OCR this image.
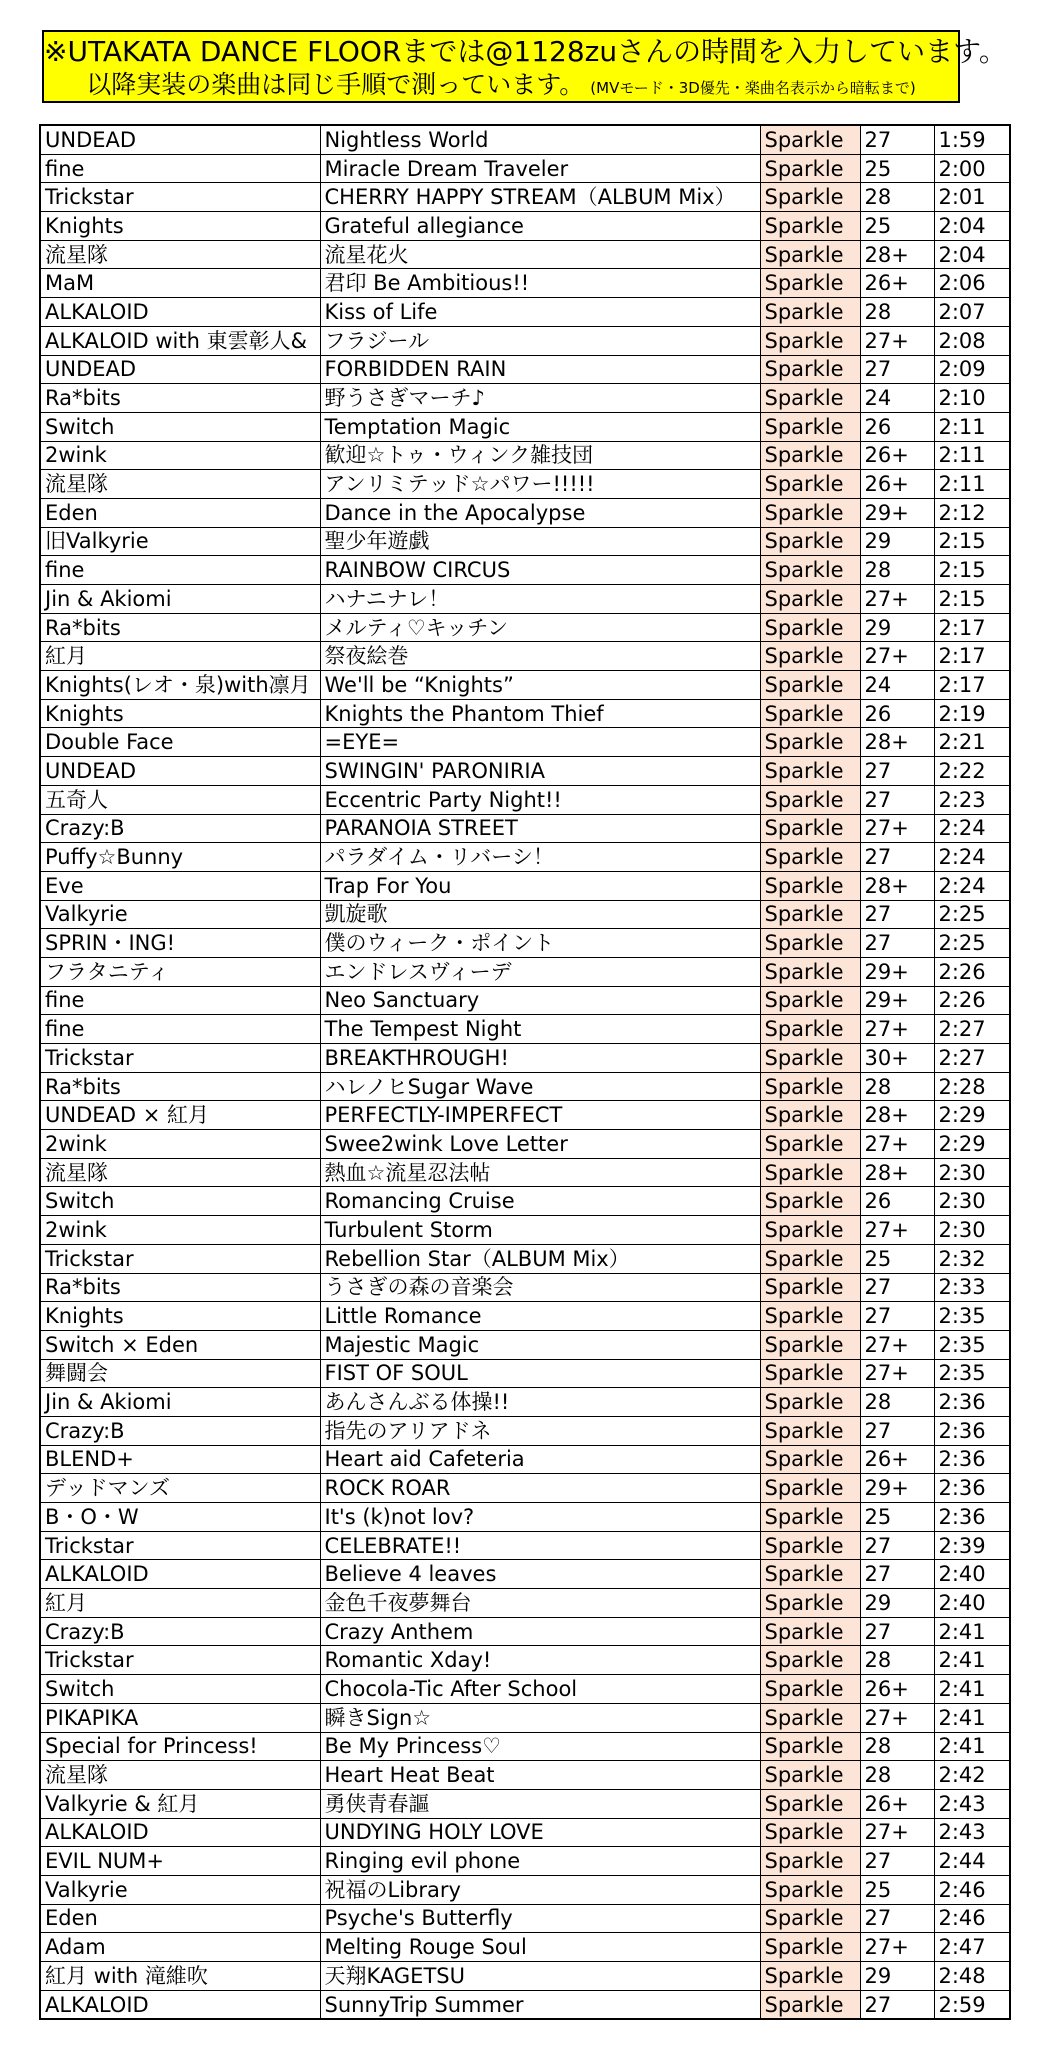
※UTAKATA DANCE FLOORまでは@1128zuさんの時間を入力しています。
以降実装の楽曲は同じ手順で測っています。 (MVモード・3D優先・楽曲名表示から暗転まで)
UNDEAD	Nightless World	Sparkle	27	1:59
fine	Miracle Dream Traveler	Sparkle	25	2:00
Trickstar	CHERRY HAPPY STREAM（ALBUM Mix）	Sparkle	28	2:01
Knights	Grateful allegiance	Sparkle	25	2:04
流星隊	流星花火	Sparkle	28+	2:04
MaM	君印 Be Ambitious!!	Sparkle	26+	2:06
ALKALOID	Kiss of Life	Sparkle	28	2:07
ALKALOID with 東雲彰人&	フラジール	Sparkle	27+	2:08
UNDEAD	FORBIDDEN RAIN	Sparkle	27	2:09
Ra*bits	野うさぎマーチ♪	Sparkle	24	2:10
Switch	Temptation Magic	Sparkle	26	2:11
2wink	歓迎☆トゥ・ウィンク雑技団	Sparkle	26+	2:11
流星隊	アンリミテッド☆パワー!!!!!	Sparkle	26+	2:11
Eden	Dance in the Apocalypse	Sparkle	29+	2:12
旧Valkyrie	聖少年遊戯	Sparkle	29	2:15
fine	RAINBOW CIRCUS	Sparkle	28	2:15
Jin & Akiomi	ハナニナレ！	Sparkle	27+	2:15
Ra*bits	メルティ♡キッチン	Sparkle	29	2:17
紅月	祭夜絵巻	Sparkle	27+	2:17
Knights(レオ・泉)with凛月	We'll be “Knights”	Sparkle	24	2:17
Knights	Knights the Phantom Thief	Sparkle	26	2:19
Double Face	=EYE=	Sparkle	28+	2:21
UNDEAD	SWINGIN' PARONIRIA	Sparkle	27	2:22
五奇人	Eccentric Party Night!!	Sparkle	27	2:23
Crazy:B	PARANOIA STREET	Sparkle	27+	2:24
Puffy☆Bunny	パラダイム・リバーシ！	Sparkle	27	2:24
Eve	Trap For You	Sparkle	28+	2:24
Valkyrie	凱旋歌	Sparkle	27	2:25
SPRIN・ING!	僕のウィーク・ポイント	Sparkle	27	2:25
フラタニティ	エンドレスヴィーデ	Sparkle	29+	2:26
fine	Neo Sanctuary	Sparkle	29+	2:26
fine	The Tempest Night	Sparkle	27+	2:27
Trickstar	BREAKTHROUGH!	Sparkle	30+	2:27
Ra*bits	ハレノヒSugar Wave	Sparkle	28	2:28
UNDEAD × 紅月	PERFECTLY-IMPERFECT	Sparkle	28+	2:29
2wink	Swee2wink Love Letter	Sparkle	27+	2:29
流星隊	熱血☆流星忍法帖	Sparkle	28+	2:30
Switch	Romancing Cruise	Sparkle	26	2:30
2wink	Turbulent Storm	Sparkle	27+	2:30
Trickstar	Rebellion Star（ALBUM Mix）	Sparkle	25	2:32
Ra*bits	うさぎの森の音楽会	Sparkle	27	2:33
Knights	Little Romance	Sparkle	27	2:35
Switch × Eden	Majestic Magic	Sparkle	27+	2:35
舞闘会	FIST OF SOUL	Sparkle	27+	2:35
Jin & Akiomi	あんさんぶる体操!!	Sparkle	28	2:36
Crazy:B	指先のアリアドネ	Sparkle	27	2:36
BLEND+	Heart aid Cafeteria	Sparkle	26+	2:36
デッドマンズ	ROCK ROAR	Sparkle	29+	2:36
B・O・W	It's (k)not lov?	Sparkle	25	2:36
Trickstar	CELEBRATE!!	Sparkle	27	2:39
ALKALOID	Believe 4 leaves	Sparkle	27	2:40
紅月	金色千夜夢舞台	Sparkle	29	2:40
Crazy:B	Crazy Anthem	Sparkle	27	2:41
Trickstar	Romantic Xday!	Sparkle	28	2:41
Switch	Chocola-Tic After School	Sparkle	26+	2:41
PIKAPIKA	瞬きSign☆	Sparkle	27+	2:41
Special for Princess!	Be My Princess♡	Sparkle	28	2:41
流星隊	Heart Heat Beat	Sparkle	28	2:42
Valkyrie & 紅月	勇侠青春謳	Sparkle	26+	2:43
ALKALOID	UNDYING HOLY LOVE	Sparkle	27+	2:43
EVIL NUM+	Ringing evil phone	Sparkle	27	2:44
Valkyrie	祝福のLibrary	Sparkle	25	2:46
Eden	Psyche's Butterfly	Sparkle	27	2:46
Adam	Melting Rouge Soul	Sparkle	27+	2:47
紅月 with 滝維吹	天翔KAGETSU	Sparkle	29	2:48
ALKALOID	SunnyTrip Summer	Sparkle	27	2:59
